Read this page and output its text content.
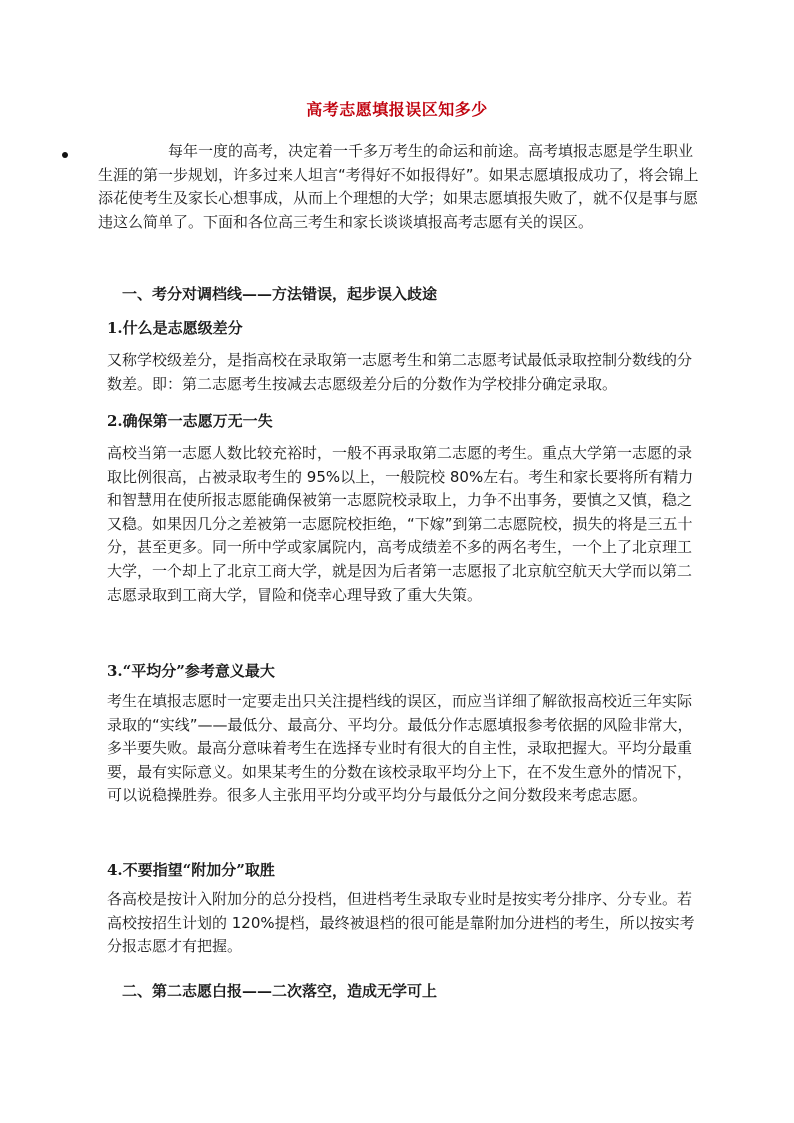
高考志愿填报误区知多少

每年一度的高考，决定着一千多万考生的命运和前途。高考填报志愿是学生职业生涯的第一步规划，许多过来人坦言“考得好不如报得好”。如果志愿填报成功了，将会锦上添花使考生及家长心想事成，从而上个理想的大学；如果志愿填报失败了，就不仅是事与愿违这么简单了。下面和各位高三考生和家长谈谈填报高考志愿有关的误区。

一、考分对调档线——方法错误，起步误入歧途
1.什么是志愿级差分

又称学校级差分，是指高校在录取第一志愿考生和第二志愿考试最低录取控制分数线的分数差。即：第二志愿考生按减去志愿级差分后的分数作为学校排分确定录取。

2.确保第一志愿万无一失

高校当第一志愿人数比较充裕时，一般不再录取第二志愿的考生。重点大学第一志愿的录取比例很高，占被录取考生的 95%以上，一般院校 80%左右。考生和家长要将所有精力和智慧用在使所报志愿能确保被第一志愿院校录取上，力争不出事务，要慎之又慎，稳之又稳。如果因几分之差被第一志愿院校拒绝，“下嫁”到第二志愿院校，损失的将是三五十分，甚至更多。同一所中学或家属院内，高考成绩差不多的两名考生，一个上了北京理工大学，一个却上了北京工商大学，就是因为后者第一志愿报了北京航空航天大学而以第二志愿录取到工商大学，冒险和侥幸心理导致了重大失策。

3.“平均分”参考意义最大

考生在填报志愿时一定要走出只关注提档线的误区，而应当详细了解欲报高校近三年实际录取的“实线”——最低分、最高分、平均分。最低分作志愿填报参考依据的风险非常大，多半要失败。最高分意味着考生在选择专业时有很大的自主性，录取把握大。平均分最重要，最有实际意义。如果某考生的分数在该校录取平均分上下，在不发生意外的情况下，可以说稳操胜券。很多人主张用平均分或平均分与最低分之间分数段来考虑志愿。

4.不要指望“附加分”取胜

各高校是按计入附加分的总分投档，但进档考生录取专业时是按实考分排序、分专业。若高校按招生计划的 120%提档，最终被退档的很可能是靠附加分进档的考生，所以按实考分报志愿才有把握。

二、第二志愿白报——二次落空，造成无学可上
